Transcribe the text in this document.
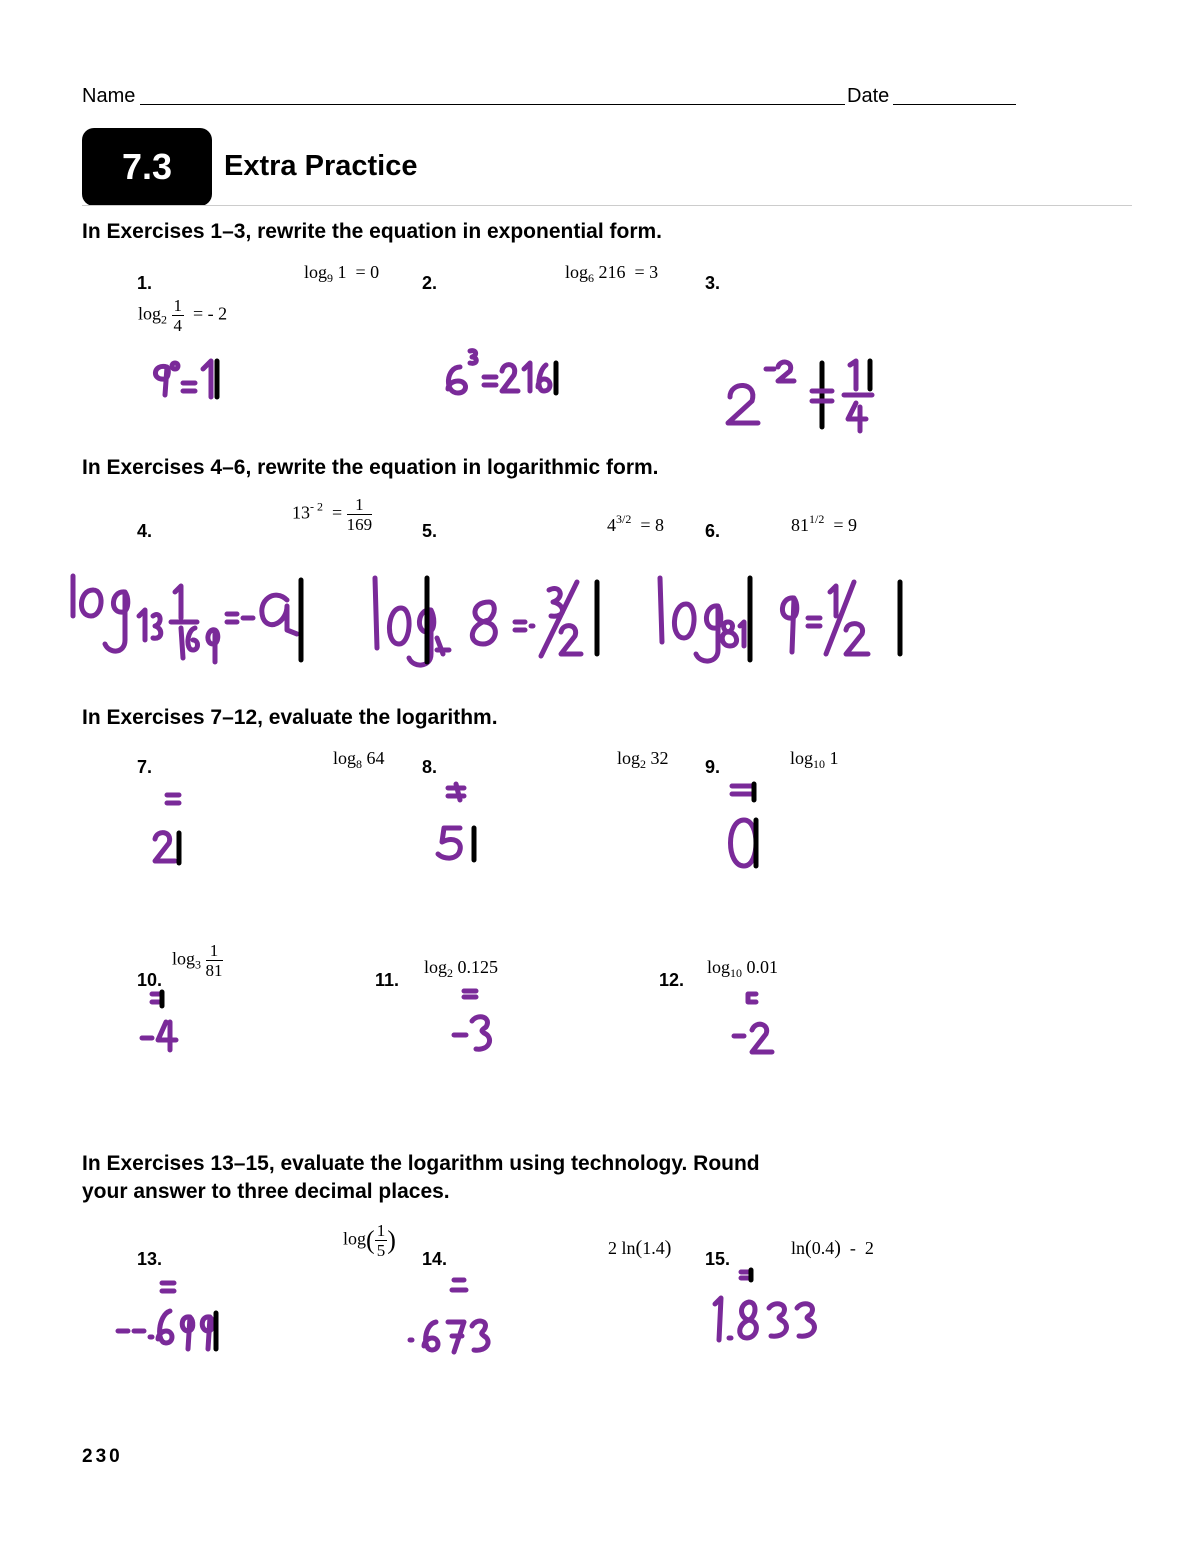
Name	Date
7.3	Extra Practice
In Exercises 1–3, rewrite the equation in exponential form.
1.
$\log_9 1 = 0$
2.
$\log_6 216 = 3$
3.
$\log_2 \frac{1}{4}$ = - 2
In Exercises 4–6, rewrite the equation in logarithmic form.
4.
$13^{- 2} = \frac{1}{169}$	5.	$4^{3/2} = 8$ 6.	$81^{1/2} = 9$
In Exercises 7–12, evaluate the logarithm.
7.	$\log_8 64$ 8.	$\log_2 32$ 9.	$\log_{10} 1$
10.
$\log_3 \frac{1}{81}$
11.
$\log_2 0.125$
12.
$\log_{10} 0.01$
In Exercises 13–15, evaluate the logarithm using technology. Round
your answer to three decimal places.
13.
$\log( \frac{1}{5}$ )
14.
2 ln(1.4) 15.
ln(0.4)  -  2
230
